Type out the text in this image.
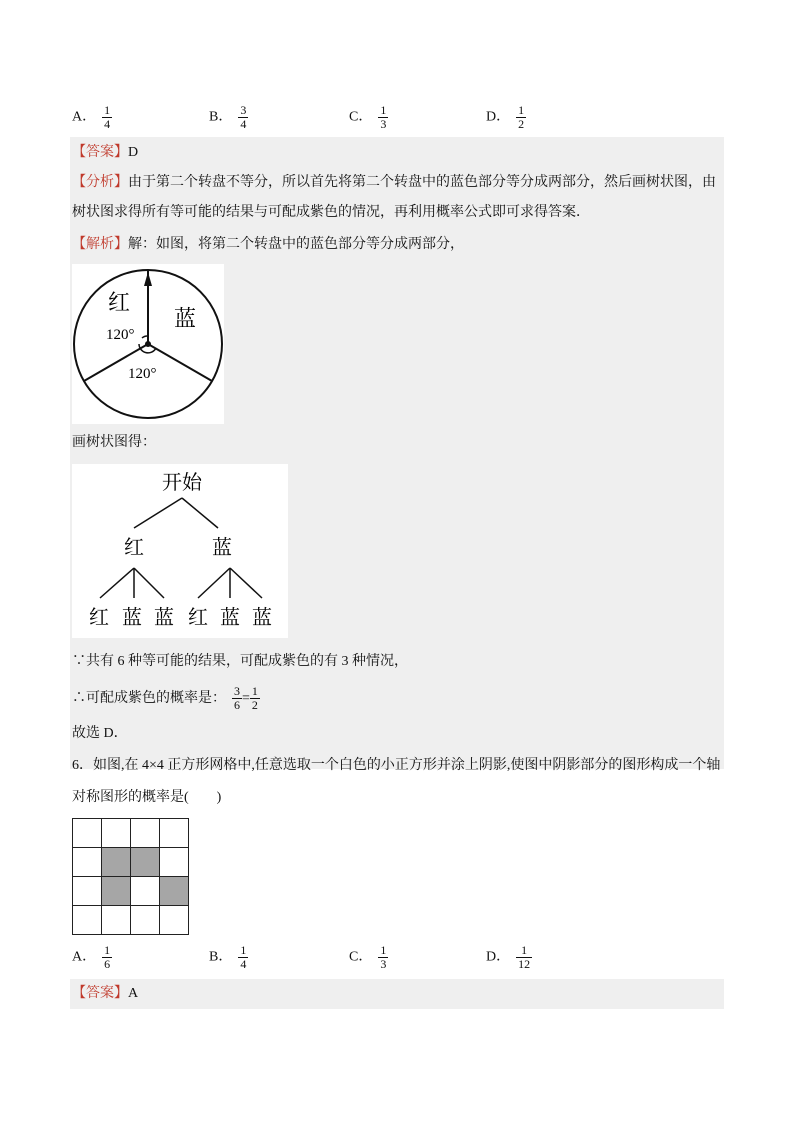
A． $\frac{1}{4}$	B． $\frac{3}{4}$	C． $\frac{1}{3}$	D． $\frac{1}{2}$
【答案】D
【分析】由于第二个转盘不等分，所以首先将第二个转盘中的蓝色部分等分成两部分，然后画树状图，由
树状图求得所有等可能的结果与可配成紫色的情况，再利用概率公式即可求得答案．
【解析】解：如图，将第二个转盘中的蓝色部分等分成两部分，
红
蓝
120°
120°
画树状图得：
开始
红	蓝
红 蓝 蓝 红 蓝 蓝
∵共有 6 种等可能的结果，可配成紫色的有 3 种情况，
∴可配成紫色的概率是： $\frac{3}{6} = \frac{1}{2}$
故选 D．
6．如图,在 4×4 正方形网格中,任意选取一个白色的小正方形并涂上阴影,使图中阴影部分的图形构成一个轴
对称图形的概率是(　　)
A． $\frac{1}{6}$	B． $\frac{1}{4}$	C． $\frac{1}{3}$	D． $\frac{1}{12}$
【答案】A
